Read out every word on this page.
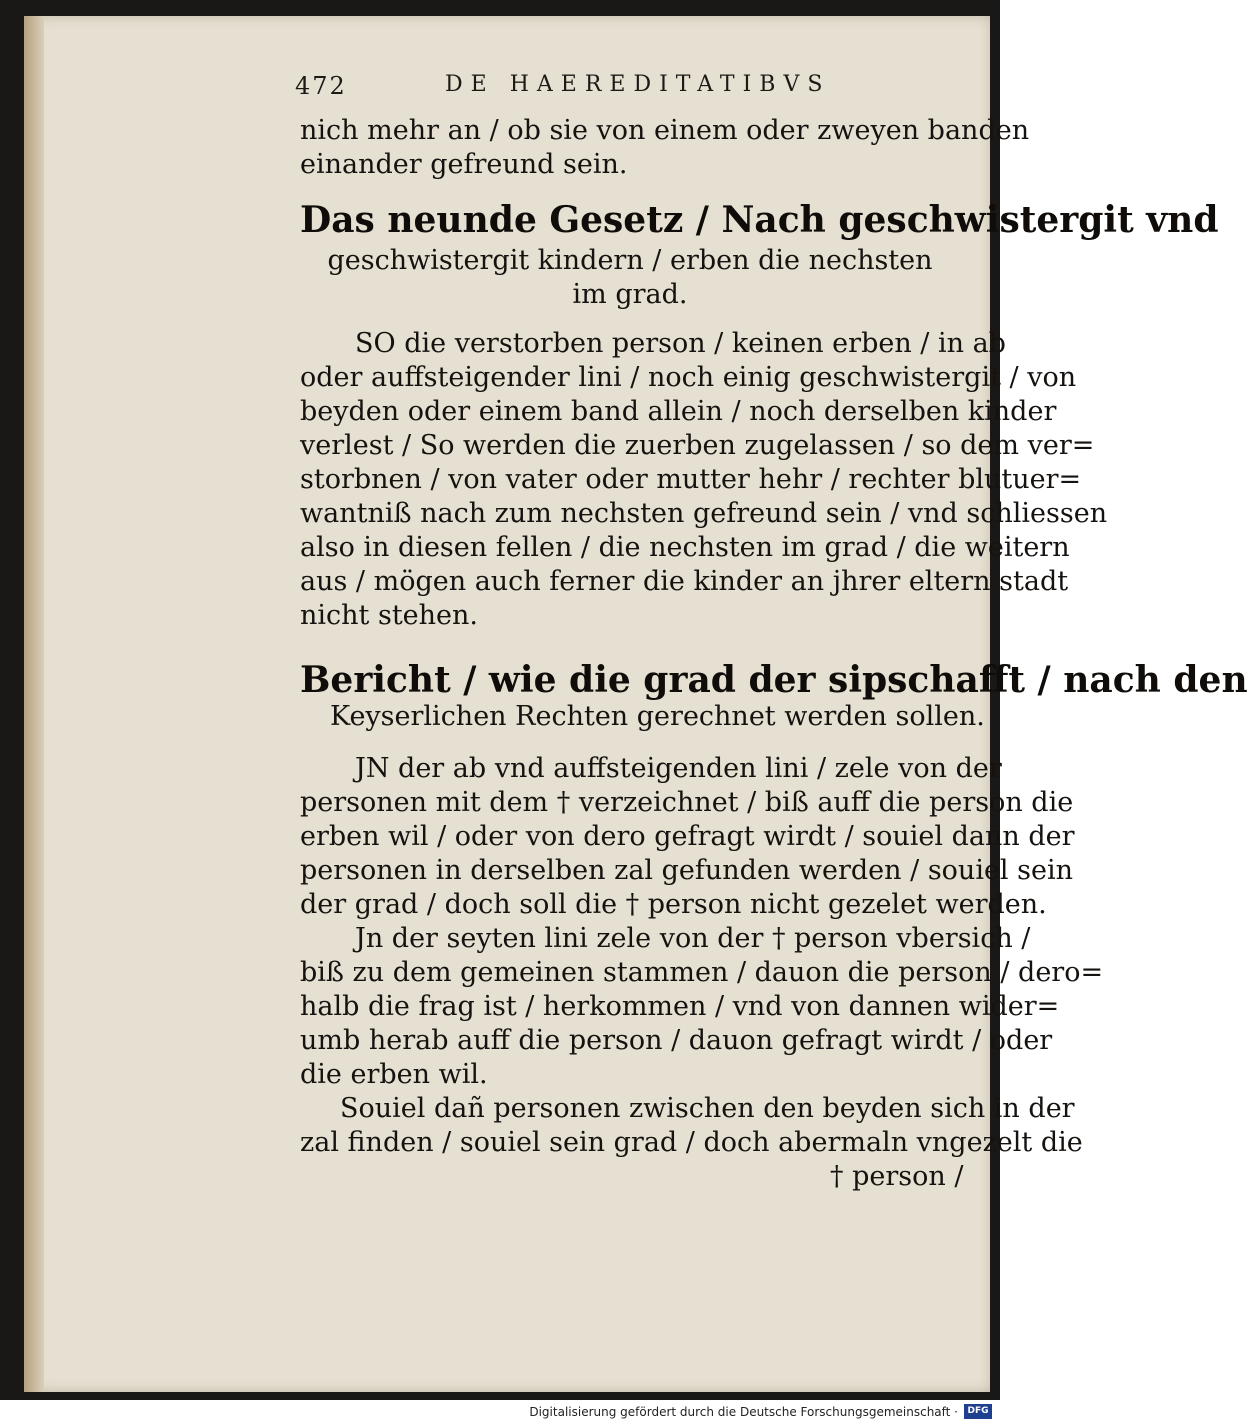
472	DE HAEREDITATIBVS
nich mehr an / ob sie von einem oder zweyen banden
einander gefreund sein.
Das neunde Gesetz / Nach geschwistergit vnd
geschwistergit kindern / erben die nechsten
im grad.
SO die verstorben person / keinen erben / in ab
oder auffsteigender lini / noch einig geschwistergit / von
beyden oder einem band allein / noch derselben kinder
verlest / So werden die zuerben zugelassen / so dem ver=
storbnen / von vater oder mutter hehr / rechter blutuer=
wantniß nach zum nechsten gefreund sein / vnd schliessen
also in diesen fellen / die nechsten im grad / die weitern
aus / mögen auch ferner die kinder an jhrer eltern stadt
nicht stehen.
Bericht / wie die grad der sipschafft / nach den
Keyserlichen Rechten gerechnet werden sollen.
JN der ab vnd auffsteigenden lini / zele von der
personen mit dem † verzeichnet / biß auff die person die
erben wil / oder von dero gefragt wirdt / souiel dann der
personen in derselben zal gefunden werden / souiel sein
der grad / doch soll die † person nicht gezelet werden.
Jn der seyten lini zele von der † person vbersich /
biß zu dem gemeinen stammen / dauon die person / dero=
halb die frag ist / herkommen / vnd von dannen wider=
umb herab auff die person / dauon gefragt wirdt / oder
die erben wil.
Souiel dañ personen zwischen den beyden sich in der
zal finden / souiel sein grad / doch abermaln vngezelt die
† person /
Digitalisierung gefördert durch die Deutsche Forschungsgemeinschaft ·	DFG
